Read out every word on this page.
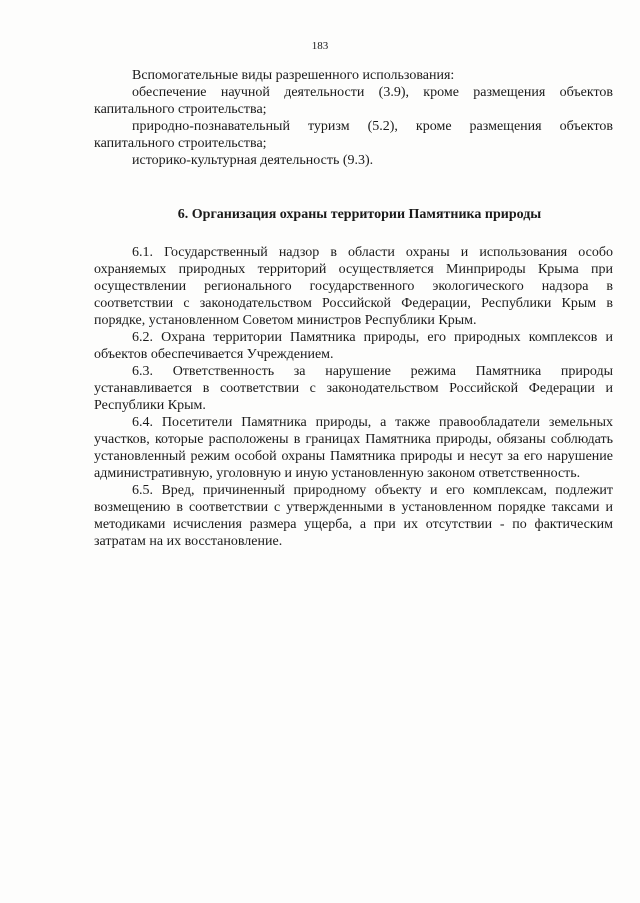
183

Вспомогательные виды разрешенного использования:

обеспечение научной деятельности (3.9), кроме размещения объектов капитального строительства;

природно-познавательный туризм (5.2), кроме размещения объектов капитального строительства;

историко-культурная деятельность (9.3).

6. Организация охраны территории Памятника природы

6.1. Государственный надзор в области охраны и использования особо охраняемых природных территорий осуществляется Минприроды Крыма при осуществлении регионального государственного экологического надзора в соответствии с законодательством Российской Федерации, Республики Крым в порядке, установленном Советом министров Республики Крым.

6.2. Охрана территории Памятника природы, его природных комплексов и объектов обеспечивается Учреждением.

6.3. Ответственность за нарушение режима Памятника природы устанавливается в соответствии с законодательством Российской Федерации и Республики Крым.

6.4. Посетители Памятника природы, а также правообладатели земельных участков, которые расположены в границах Памятника природы, обязаны соблюдать установленный режим особой охраны Памятника природы и несут за его нарушение административную, уголовную и иную установленную законом ответственность.

6.5. Вред, причиненный природному объекту и его комплексам, подлежит возмещению в соответствии с утвержденными в установленном порядке таксами и методиками исчисления размера ущерба, а при их отсутствии - по фактическим затратам на их восстановление.
